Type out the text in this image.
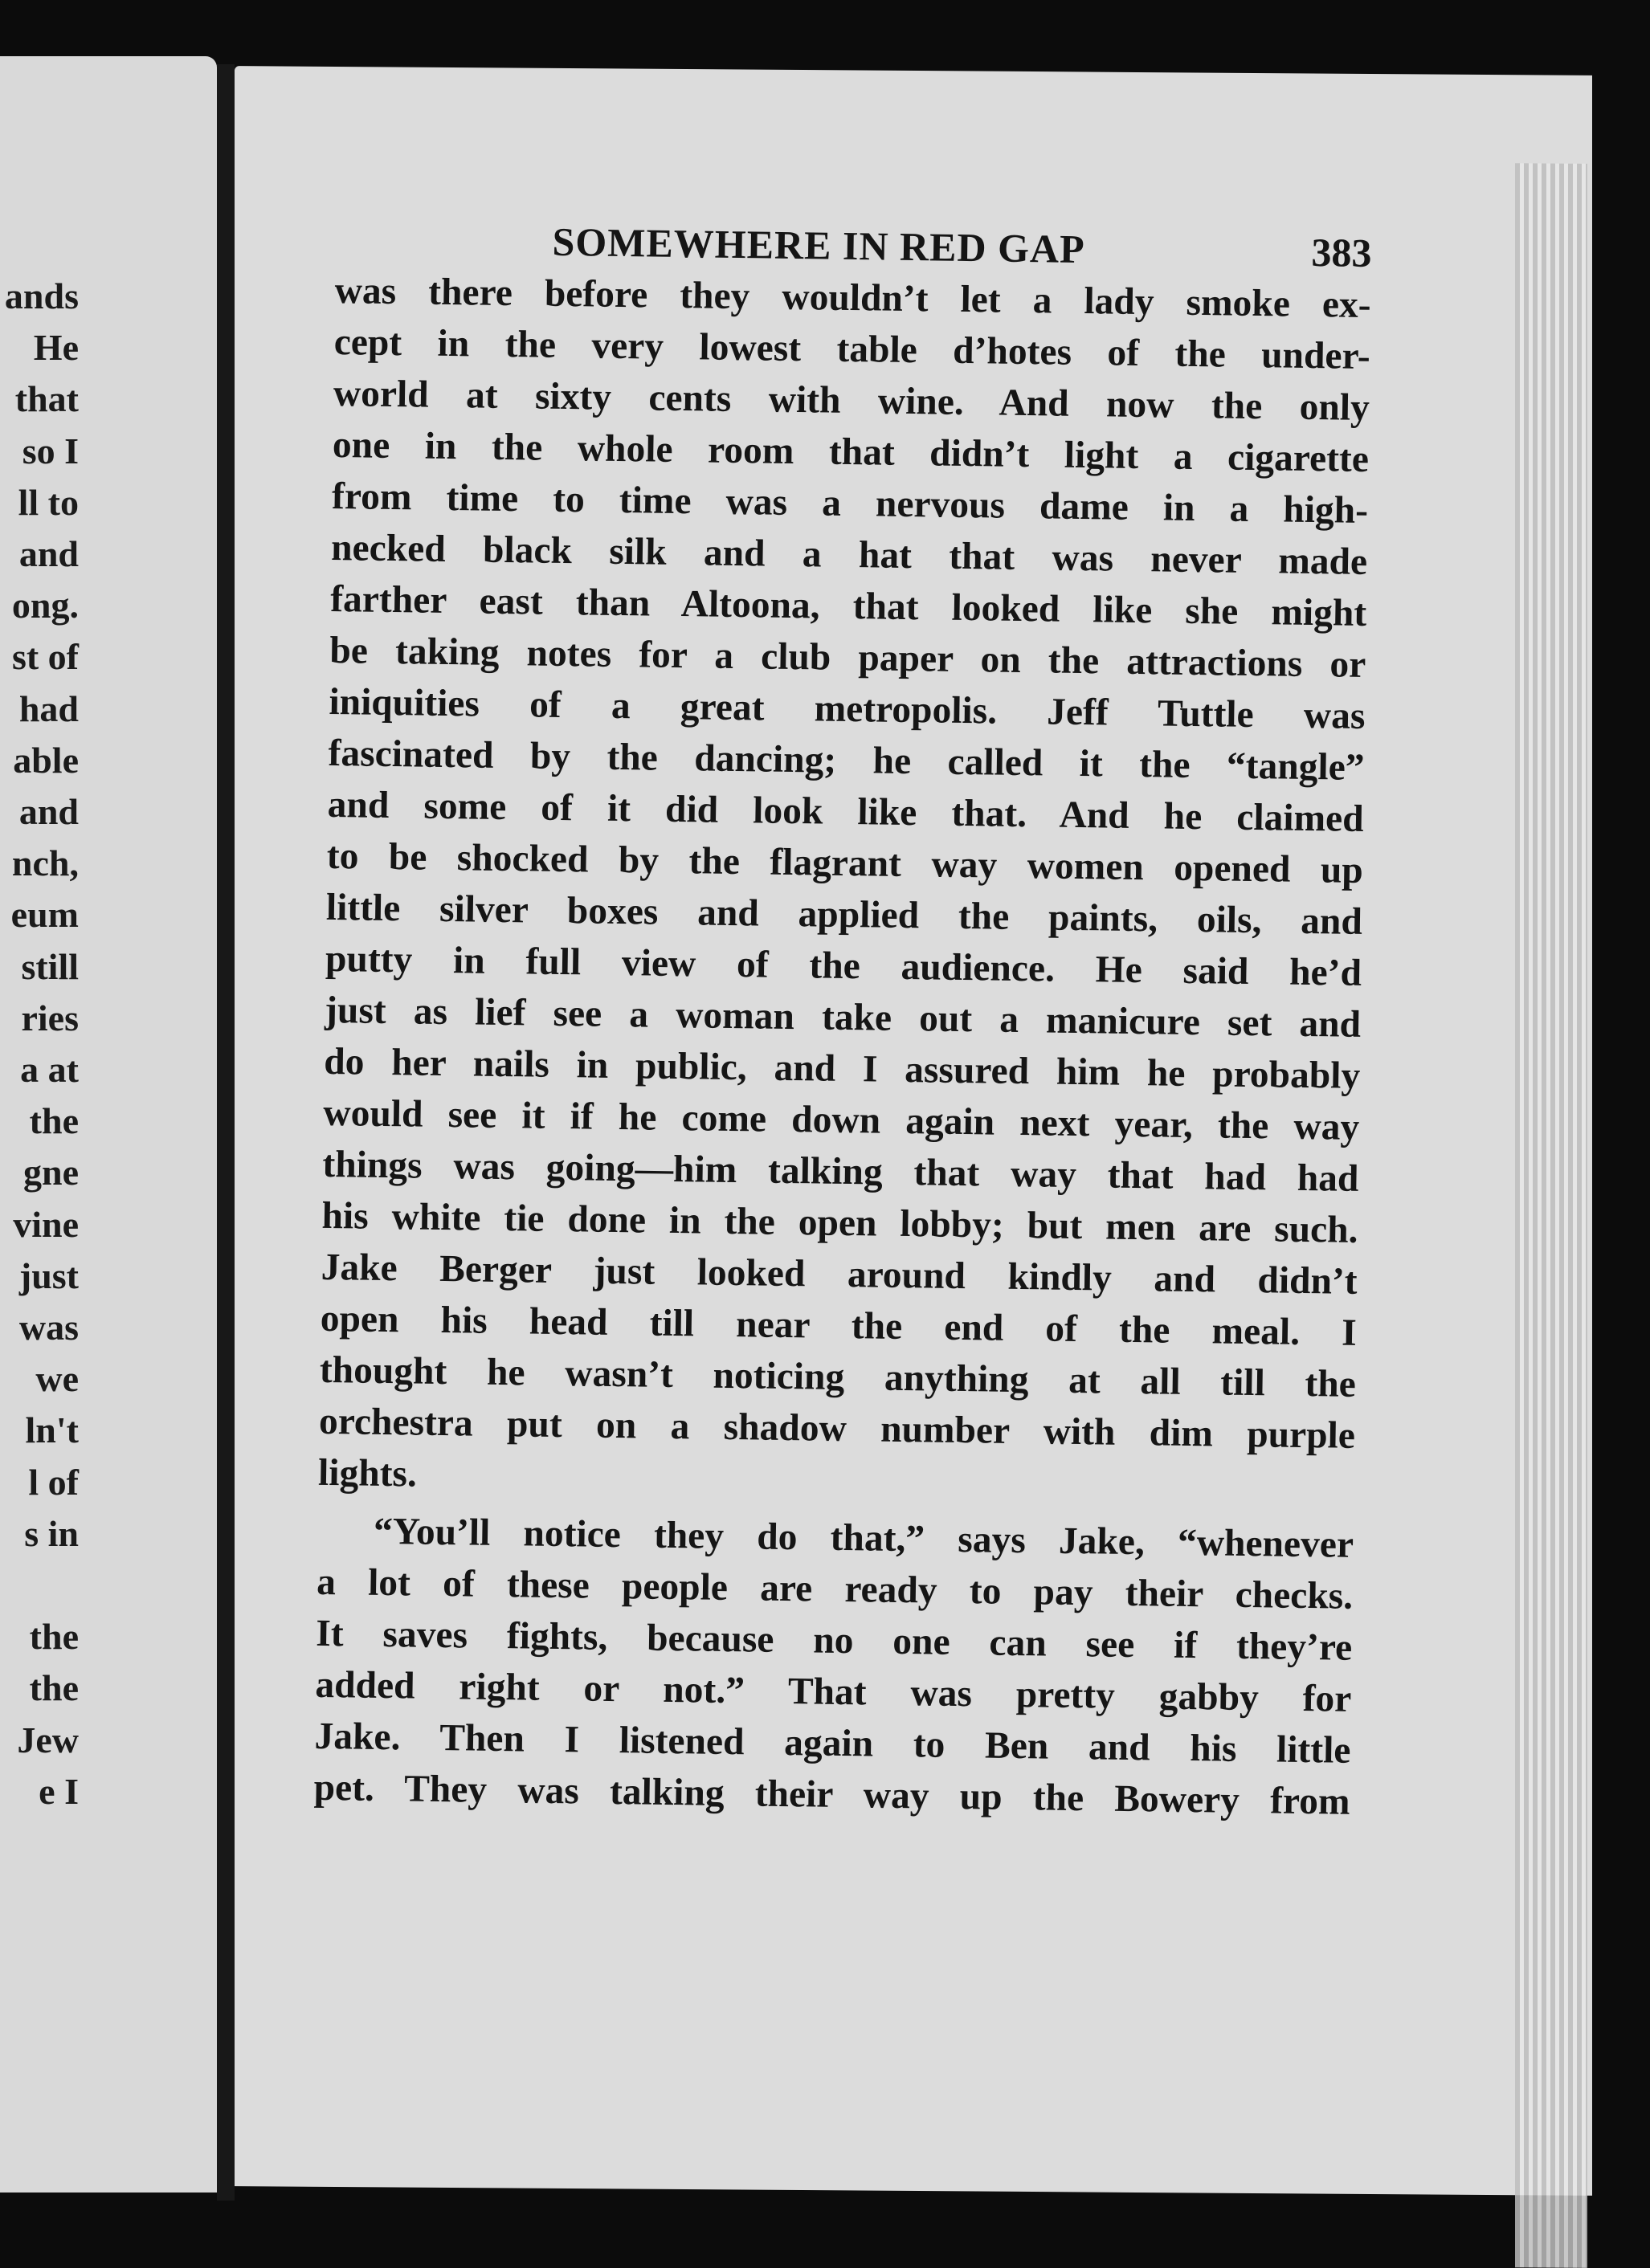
ands
He
that
so I
ll to
and
ong.
st of
had
able
and
nch,
eum
still
ries
a at
the
gne
vine
just
was
we
ln't
l of
s in
the
the
Jew
e I
SOMEWHERE IN RED GAP	383
was there before they wouldn’t let a lady smoke ex-
cept in the very lowest table d’hotes of the under-
world at sixty cents with wine. And now the only
one in the whole room that didn’t light a cigarette
from time to time was a nervous dame in a high-
necked black silk and a hat that was never made
farther east than Altoona, that looked like she might
be taking notes for a club paper on the attractions or
iniquities of a great metropolis. Jeff Tuttle was
fascinated by the dancing; he called it the “tangle”
and some of it did look like that. And he claimed
to be shocked by the flagrant way women opened up
little silver boxes and applied the paints, oils, and
putty in full view of the audience. He said he’d
just as lief see a woman take out a manicure set and
do her nails in public, and I assured him he probably
would see it if he come down again next year, the way
things was going—him talking that way that had had
his white tie done in the open lobby; but men are such.
Jake Berger just looked around kindly and didn’t
open his head till near the end of the meal. I
thought he wasn’t noticing anything at all till the
orchestra put on a shadow number with dim purple
lights.
“You’ll notice they do that,” says Jake, “whenever
a lot of these people are ready to pay their checks.
It saves fights, because no one can see if they’re
added right or not.” That was pretty gabby for
Jake. Then I listened again to Ben and his little
pet. They was talking their way up the Bowery from
